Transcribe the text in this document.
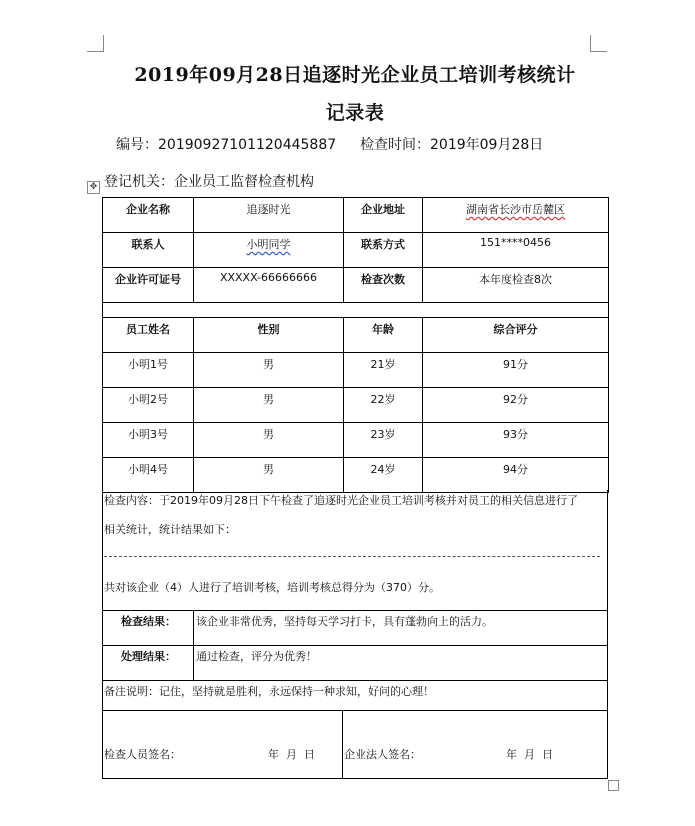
2019年09月28日追逐时光企业员工培训考核统计
记录表
编号：20190927101120445887 检查时间：2019年09月28日
登记机关：企业员工监督检查机构
✥
企业名称	追逐时光	企业地址	湖南省长沙市岳麓区
联系人	小明同学	联系方式	151****0456
企业许可证号	XXXXX-66666666	检查次数	本年度检查8次

员工姓名	性别	年龄	综合评分
小明1号	男	21岁	91分
小明2号	男	22岁	92分
小明3号	男	23岁	93分
小明4号	男	24岁	94分
检查内容：于2019年09月28日下午检查了追逐时光企业员工培训考核并对员工的相关信息进行了
相关统计，统计结果如下：
共对该企业（4）人进行了培训考核，培训考核总得分为（370）分。
检查结果：	该企业非常优秀，坚持每天学习打卡，具有蓬勃向上的活力。
处理结果：	通过检查，评分为优秀！
备注说明：记住，坚持就是胜利，永远保持一种求知，好问的心理！
检查人员签名：	年  月  日	企业法人签名：	年  月  日
